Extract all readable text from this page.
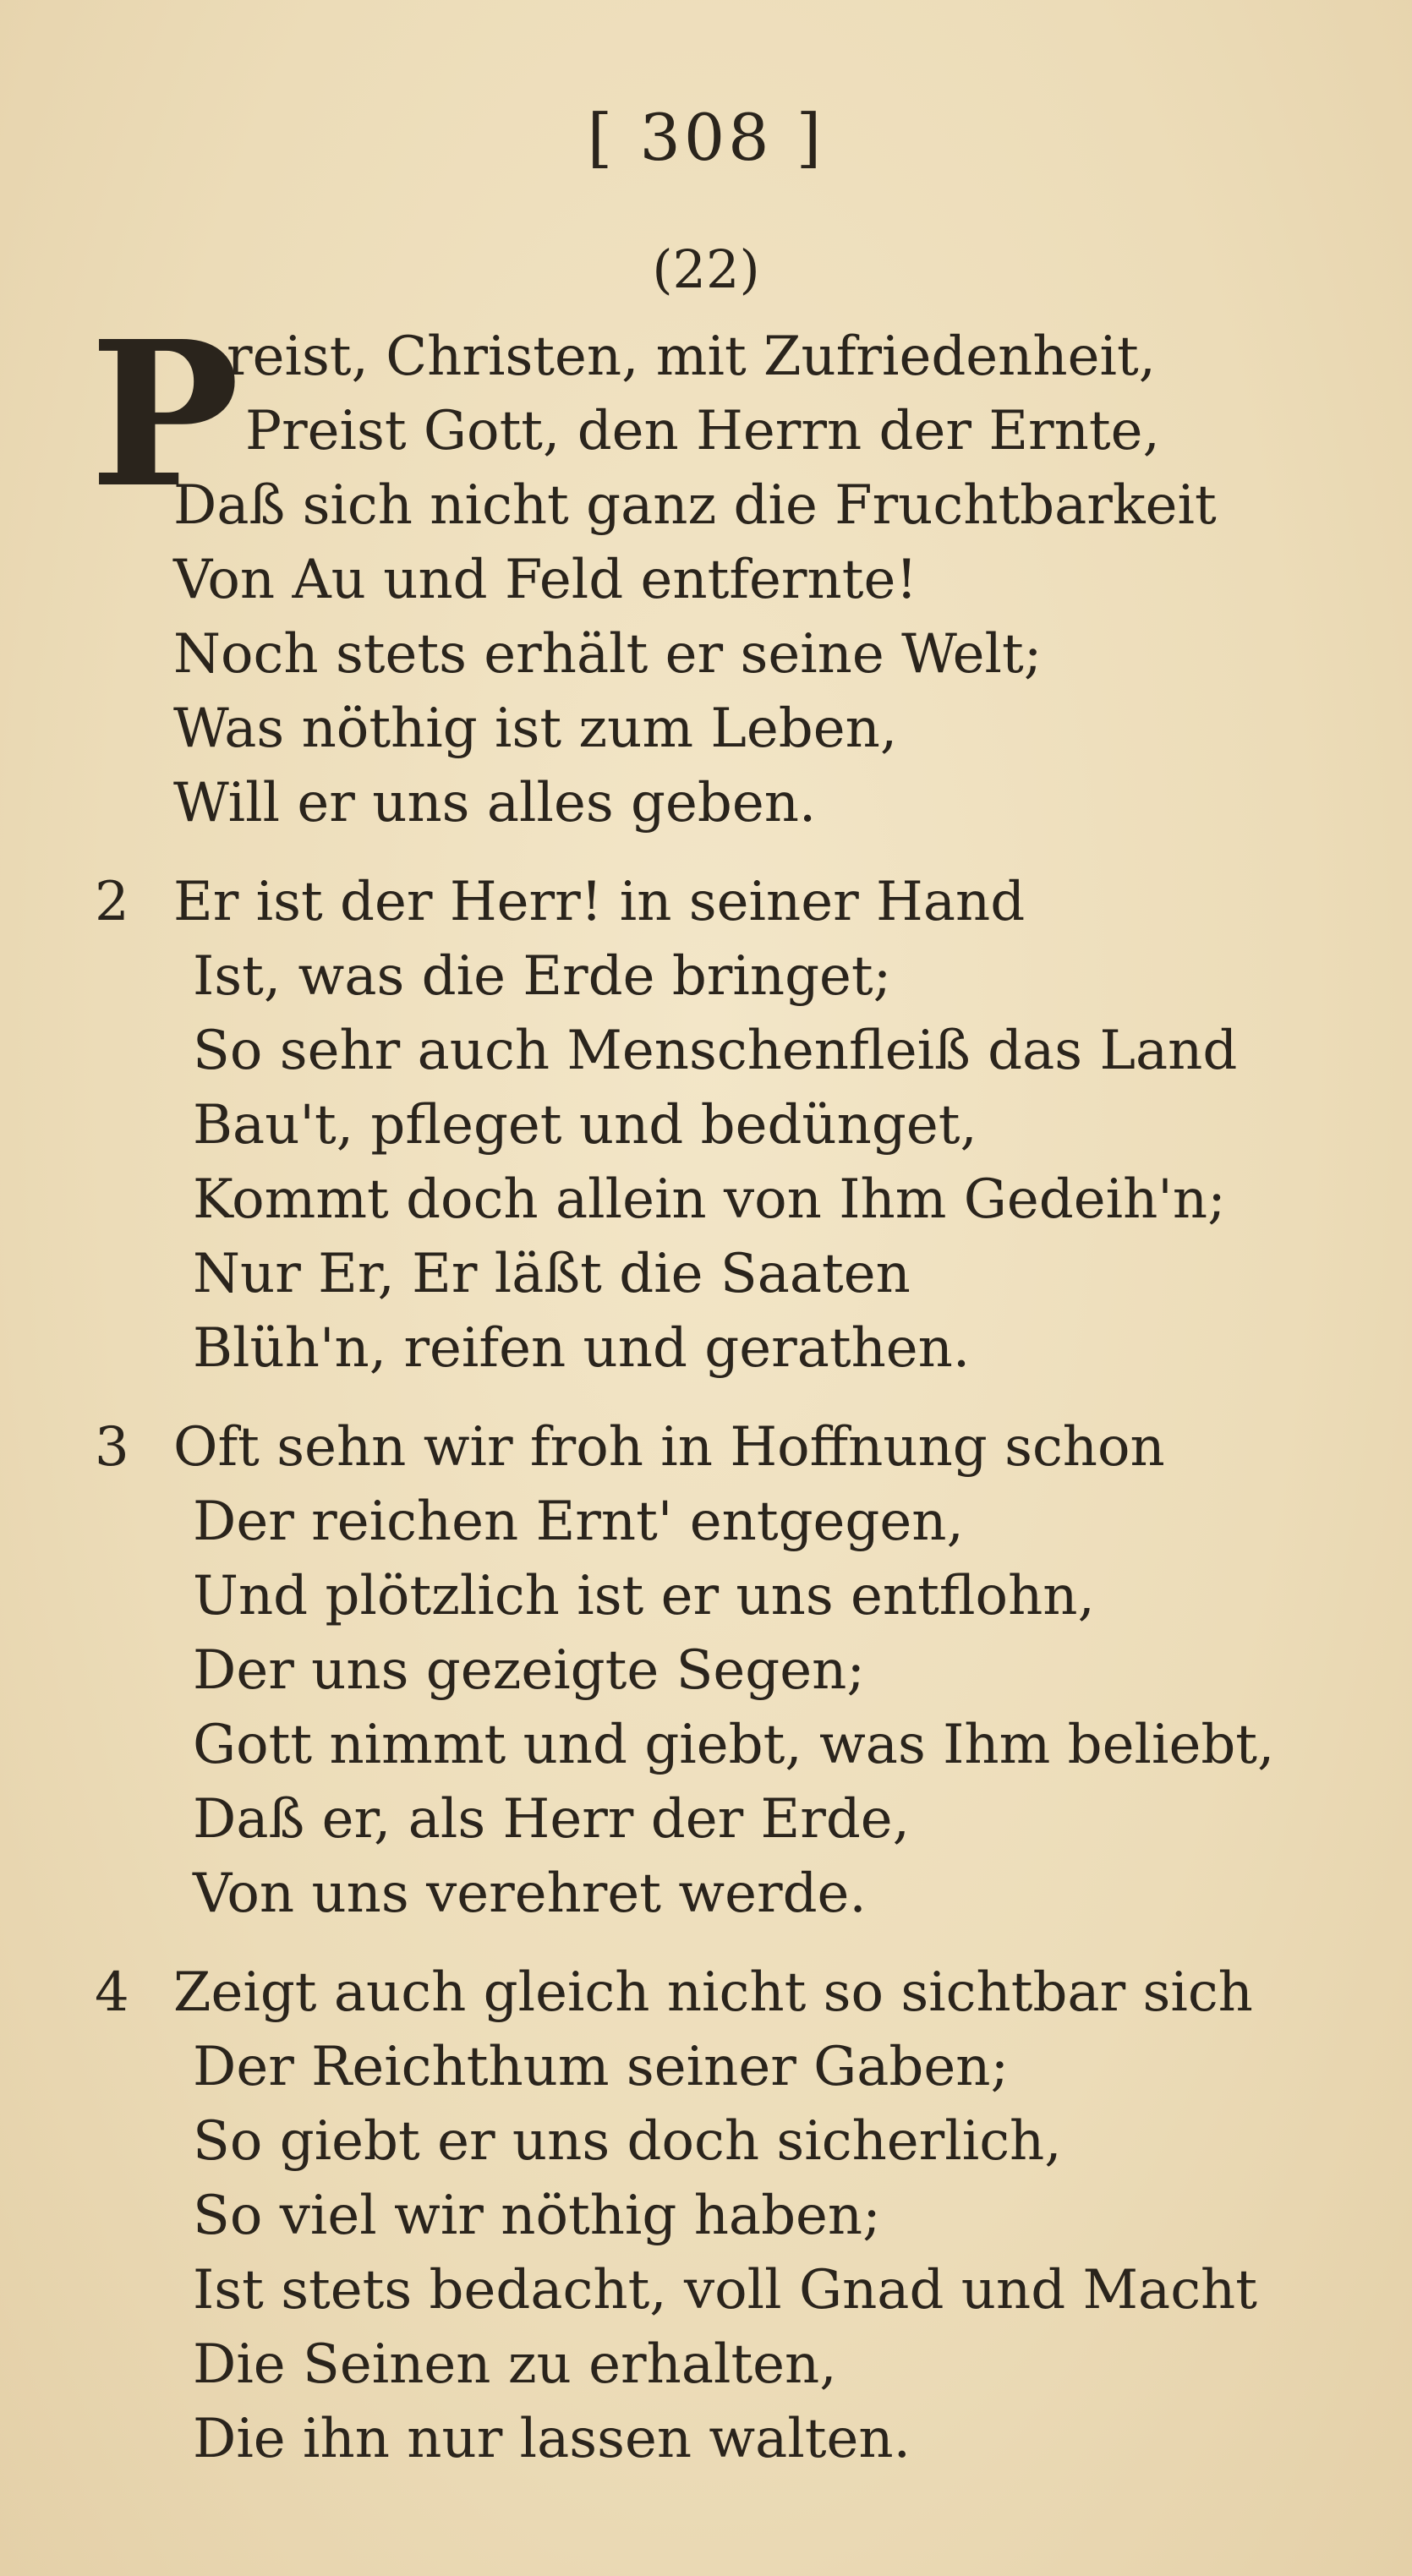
[ 308 ]
(22)
P
reist, Christen, mit Zufriedenheit,
Preist Gott, den Herrn der Ernte,
Daß sich nicht ganz die Fruchtbarkeit
Von Au und Feld entfernte!
Noch stets erhält er seine Welt;
Was nöthig ist zum Leben,
Will er uns alles geben.
2 Er ist der Herr! in seiner Hand
Ist, was die Erde bringet;
So sehr auch Menschenfleiß das Land
Bau't, pfleget und bedünget,
Kommt doch allein von Ihm Gedeih'n;
Nur Er, Er läßt die Saaten
Blüh'n, reifen und gerathen.
3 Oft sehn wir froh in Hoffnung schon
Der reichen Ernt' entgegen,
Und plötzlich ist er uns entflohn,
Der uns gezeigte Segen;
Gott nimmt und giebt, was Ihm beliebt,
Daß er, als Herr der Erde,
Von uns verehret werde.
4 Zeigt auch gleich nicht so sichtbar sich
Der Reichthum seiner Gaben;
So giebt er uns doch sicherlich,
So viel wir nöthig haben;
Ist stets bedacht, voll Gnad und Macht
Die Seinen zu erhalten,
Die ihn nur lassen walten.
